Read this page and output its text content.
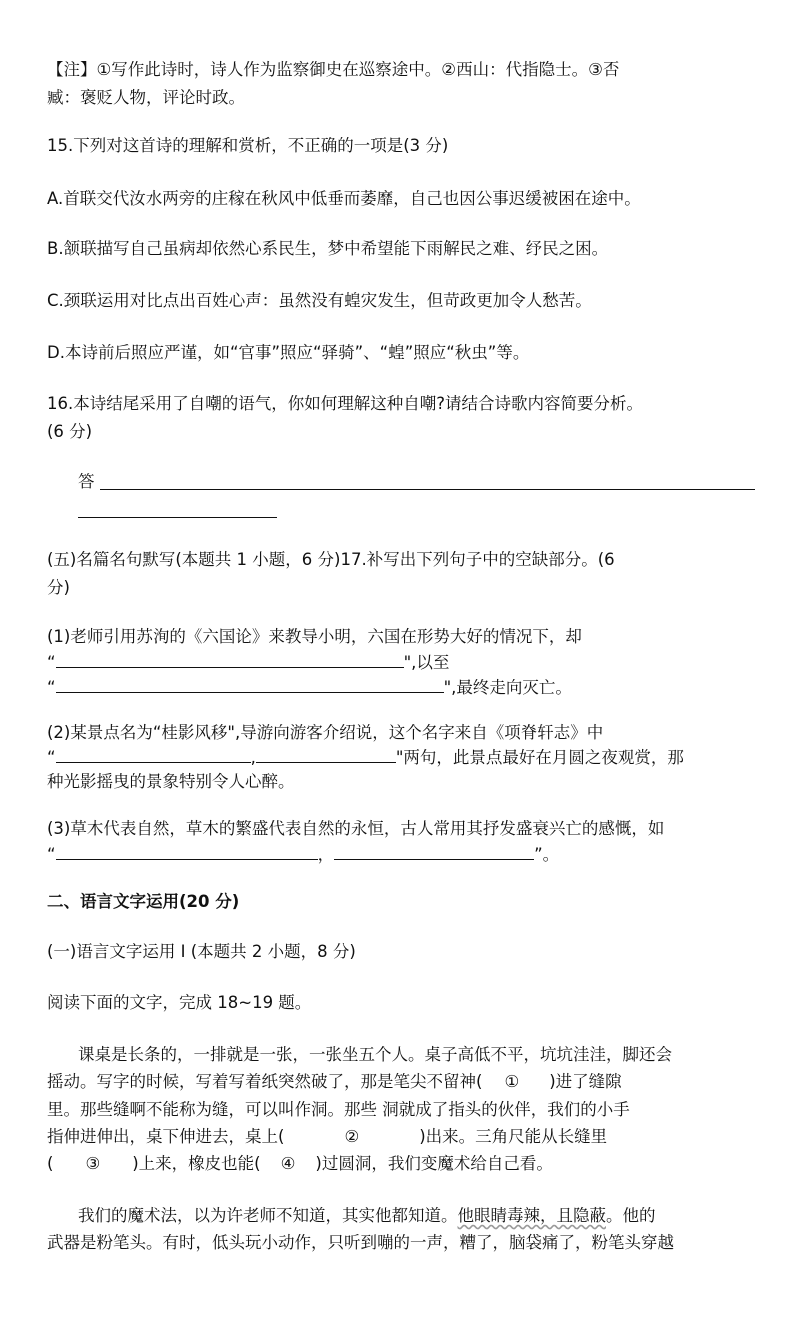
【注】①写作此诗时，诗人作为监察御史在巡察途中。②西山：代指隐士。③否
臧：褒贬人物，评论时政。
15.下列对这首诗的理解和赏析，不正确的一项是(3 分)
A.首联交代汝水两旁的庄稼在秋风中低垂而萎靡，自己也因公事迟缓被困在途中。
B.颔联描写自己虽病却依然心系民生，梦中希望能下雨解民之难、纾民之困。
C.颈联运用对比点出百姓心声：虽然没有蝗灾发生，但苛政更加令人愁苦。
D.本诗前后照应严谨，如“官事”照应“驿骑”、“蝗”照应“秋虫”等。
16.本诗结尾采用了自嘲的语气，你如何理解这种自嘲?请结合诗歌内容简要分析。
(6 分)
答
(五)名篇名句默写(本题共 1 小题，6 分)17.补写出下列句子中的空缺部分。(6
分)
(1)老师引用苏洵的《六国论》来教导小明，六国在形势大好的情况下，却
“	",以至
“	",最终走向灭亡。
(2)某景点名为“桂影风移",导游向游客介绍说，这个名字来自《项脊轩志》中
“	,	"两句，此景点最好在月圆之夜观赏，那
种光影摇曳的景象特别令人心醉。
(3)草木代表自然，草木的繁盛代表自然的永恒，古人常用其抒发盛衰兴亡的感慨，如
“	，	”。
二、语言文字运用(20 分)
(一)语言文字运用 Ⅰ (本题共 2 小题，8 分)
阅读下面的文字，完成 18~19 题。
课桌是长条的，一排就是一张，一张坐五个人。桌子高低不平，坑坑洼洼，脚还会
摇动。写字的时候，写着写着纸突然破了，那是笔尖不留神( ① )进了缝隙
里。那些缝啊不能称为缝，可以叫作洞。那些 洞就成了指头的伙伴，我们的小手
指伸进伸出，桌下伸进去，桌上(	②	)出来。三角尺能从长缝里
( ③ )上来，橡皮也能( ④ )过圆洞，我们变魔术给自己看。
我们的魔术法，以为许老师不知道，其实他都知道。他眼睛毒辣，且隐蔽。他的
武器是粉笔头。有时，低头玩小动作，只听到嘣的一声，糟了，脑袋痛了，粉笔头穿越
